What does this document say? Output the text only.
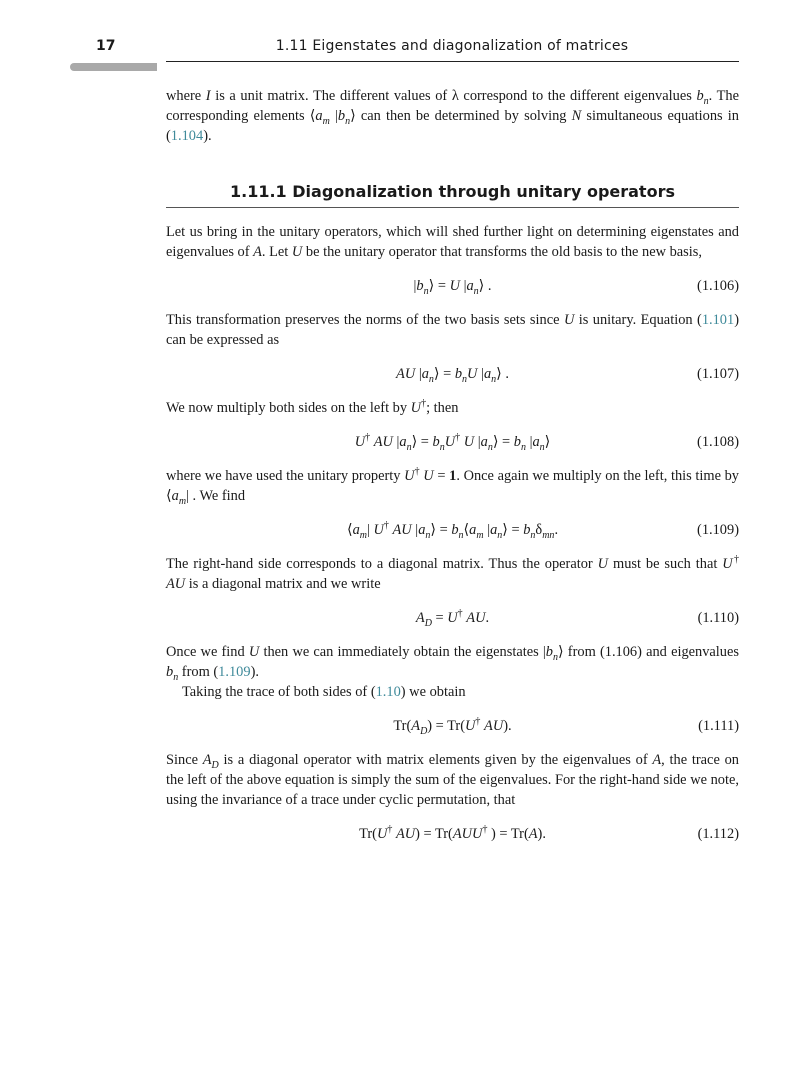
17	1.11 Eigenstates and diagonalization of matrices

where I is a unit matrix. The different values of λ correspond to the different eigenvalues $b_n$. The corresponding elements $⟨a_m$ $|b_n⟩$ can then be determined by solving N simultaneous equations in (1.104).

1.11.1 Diagonalization through unitary operators

Let us bring in the unitary operators, which will shed further light on determining eigenstates and eigenvalues of A. Let U be the unitary operator that transforms the old basis to the new basis,

$|b_n⟩ = U$ $|a_n⟩$ .	(1.106)

This transformation preserves the norms of the two basis sets since U is unitary. Equation (1.101) can be expressed as

AU $|a_n⟩ = b_nU$ $|a_n⟩$ .	(1.107)

We now multiply both sides on the left by U†; then

U† AU $|a_n⟩ = b_nU^\dagger$ U $|a_n⟩ = b_n$ $|a_n⟩$	(1.108)

where we have used the unitary property U† U = 1. Once again we multiply on the left, this time by $⟨a_m|$ . We find

$⟨a_m|$ U† AU $|a_n⟩$ = $b_n⟨a_m$ $|a_n⟩ = b_n\delta_{mn}$.	(1.109)

The right-hand side corresponds to a diagonal matrix. Thus the operator U must be such that U† AU is a diagonal matrix and we write

$A_D = U^\dagger$ AU.	(1.110)

Once we find U then we can immediately obtain the eigenstates $|b_n⟩$ from (1.106) and eigenvalues $b_n$ from (1.109).

Taking the trace of both sides of (1.10) we obtain

$Tr(A_D) = Tr(U^\dagger$ AU).	(1.111)

Since $A_D$ is a diagonal operator with matrix elements given by the eigenvalues of A, the trace on the left of the above equation is simply the sum of the eigenvalues. For the right-hand side we note, using the invariance of a trace under cyclic permutation, that

Tr(U† AU) = Tr(AUU† ) = Tr(A).	(1.112)
